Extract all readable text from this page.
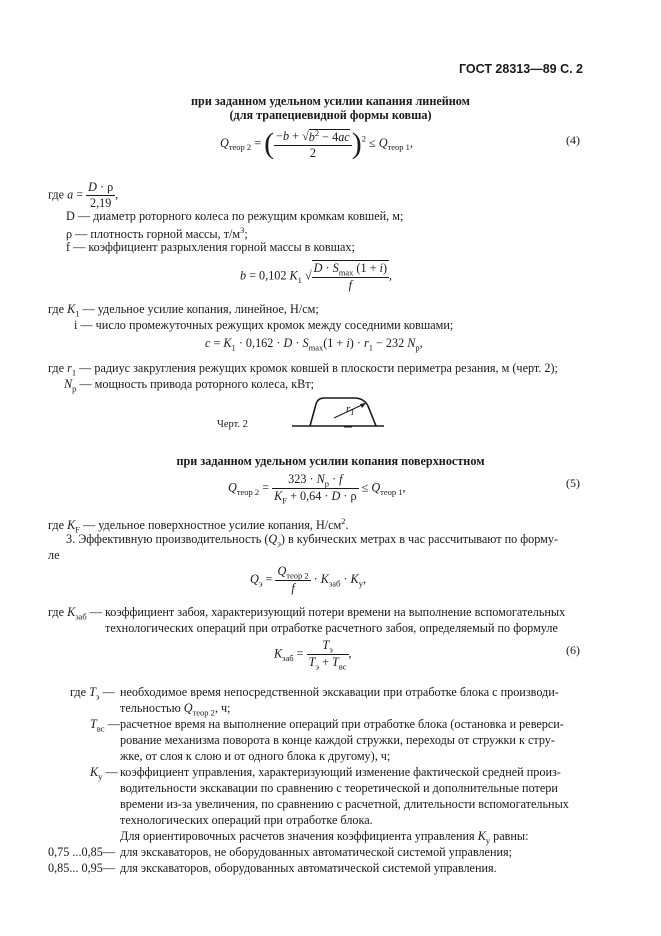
ГОСТ 28313—89 С. 2
при заданном удельном усилии капания линейном
(для трапециевидной формы ковша)
$Q_{теор 2}$ = ( $\frac{-b + √b^2 - 4ac}{2} )^2 \le Q_{теор 1}$,	(4)
где $a = \frac{D \cdot \rho}{2,19}$ ,
D — диаметр роторного колеса по режущим кромкам ковшей, м;
ρ — плотность горной массы, $т/м^3$;
f — коэффициент разрыхления горной массы в ковшах;
b = 0,102 $K_1$ √ $\frac{D \cdot S_{max} (1 + i)}{f}$ ,
где $K_1$ — удельное усилие копания, линейное, Н/см;
i — число промежуточных режущих кромок между соседними ковшами;
$c = K_1 \cdot 0,162 \cdot D \cdot S_{max}(1 + i) \cdot r_1 - 232$ $N_р$,
где $r_1$ — радиус закругления режущих кромок ковшей в плоскости периметра резания, м (черт. 2);
$N_р$ — мощность привода роторного колеса, кВт;
Черт. 2
$r_1$
при заданном удельном усилии копания поверхностном
$Q_{теор 2} = \frac{323 \cdot N_р \cdot f}{K_F + 0,64 \cdot D \cdot \rho} \le Q_{теор 1}$,	(5)
где $K_F$ — удельное поверхностное усилие копания, $Н/см^2$.
3. Эффективную производительность $(Q_э)$ в кубических метрах в час рассчитывают по форму-
ле
$Q_э = \frac{Q_{теор 2}}{f} \cdot K_{заб} \cdot K_у$,
где $K_{заб}$ — коэффициент забоя, характеризующий потери времени на выполнение вспомогательных
технологических операций при отработке расчетного забоя, определяемый по формуле
$K_{заб} = \frac{T_э}{T_э + T_{вс}}$ ,	(6)
где $T_э$ — необходимое время непосредственной экскавации при отработке блока с производи-
тельностью $Q_{теор 2}$, ч;
$T_{вс}$ — расчетное время на выполнение операций при отработке блока (остановка и реверси-
рование механизма поворота в конце каждой стружки, переходы от стружки к стру-
жке, от слоя к слою и от одного блока к другому), ч;
$K_у$ — коэффициент управления, характеризующий изменение фактической средней произ-
водительности экскавации по сравнению с теоретической и дополнительные потери
времени из-за увеличения, по сравнению с расчетной, длительности вспомогательных
технологических операций при отработке блока.
Для ориентировочных расчетов значения коэффициента управления $K_у$ равны:
0,75 ...0,85— для экскаваторов, не оборудованных автоматической системой управления;
0,85... 0,95— для экскаваторов, оборудованных автоматической системой управления.
